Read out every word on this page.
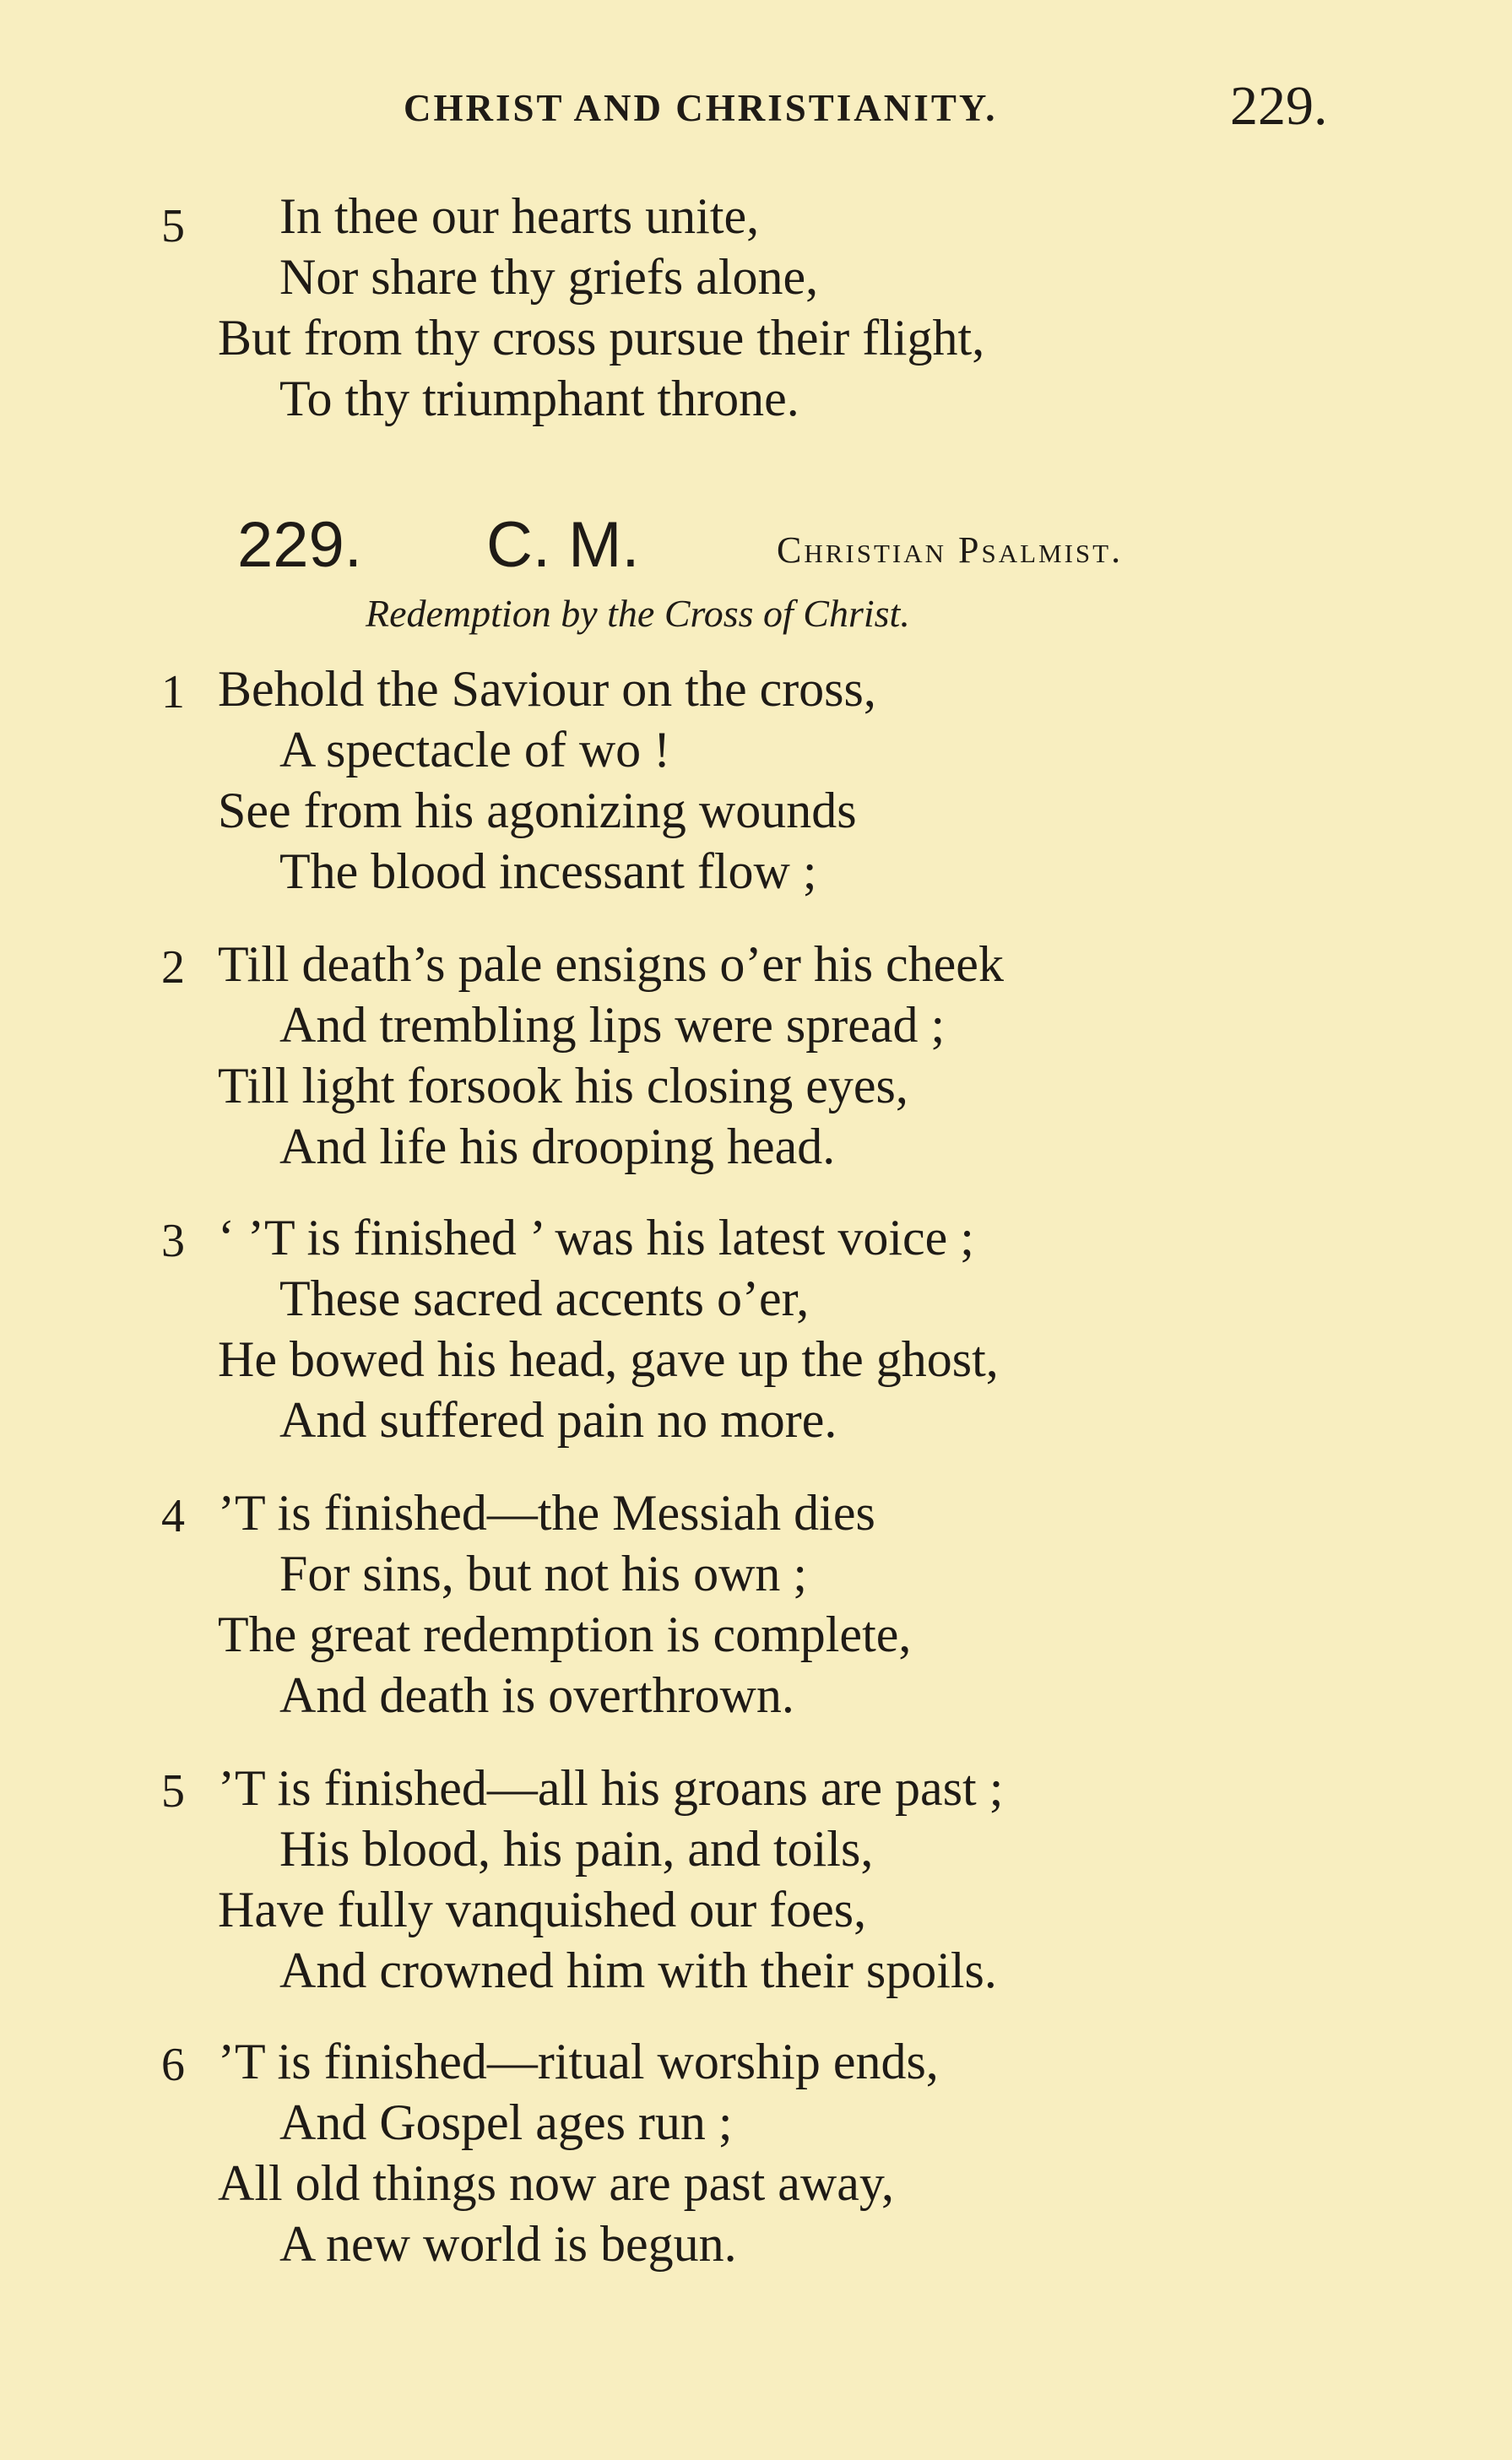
CHRIST AND CHRISTIANITY.	229.
5 In thee our hearts unite,
Nor share thy griefs alone,
But from thy cross pursue their flight,
To thy triumphant throne.
229. C. M.	Christian Psalmist.
Redemption by the Cross of Christ.
1 Behold the Saviour on the cross,
A spectacle of wo !
See from his agonizing wounds
The blood incessant flow ;
2 Till death’s pale ensigns o’er his cheek
And trembling lips were spread ;
Till light forsook his closing eyes,
And life his drooping head.
3 ‘ ’T is finished ’ was his latest voice ;
These sacred accents o’er,
He bowed his head, gave up the ghost,
And suffered pain no more.
4 ’T is finished—the Messiah dies
For sins, but not his own ;
The great redemption is complete,
And death is overthrown.
5 ’T is finished—all his groans are past ;
His blood, his pain, and toils,
Have fully vanquished our foes,
And crowned him with their spoils.
6 ’T is finished—ritual worship ends,
And Gospel ages run ;
All old things now are past away,
A new world is begun.
